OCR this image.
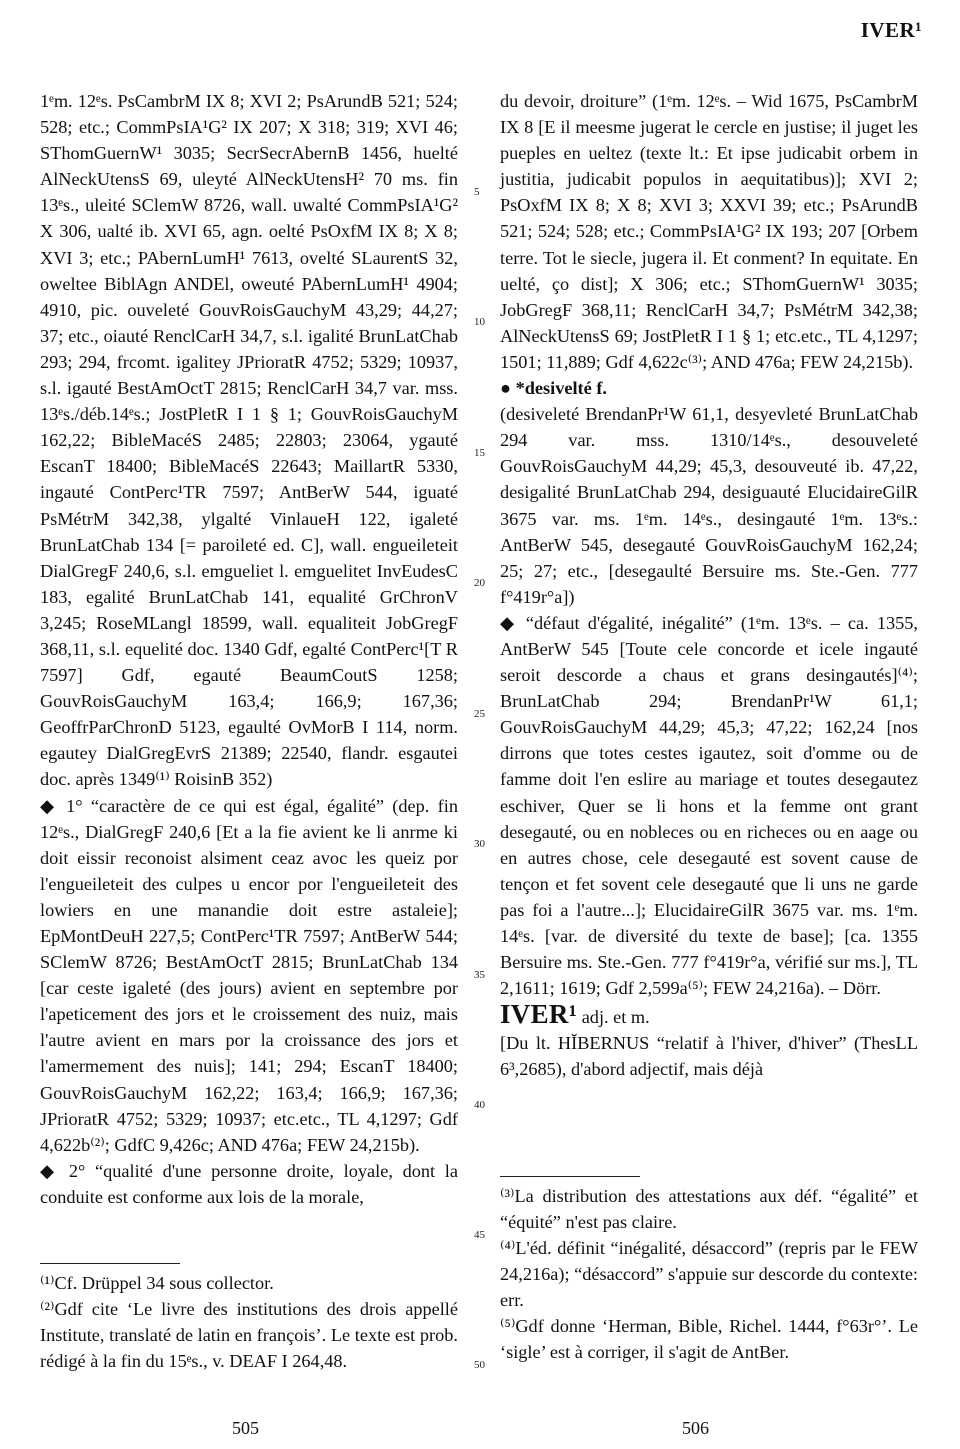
IVER¹

1ᵉm. 12ᵉs. PsCambrM IX 8; XVI 2; PsArundB 521; 524; 528; etc.; CommPsIA¹G² IX 207; X 318; 319; XVI 46; SThomGuernW¹ 3035; SecrSecrAbernB 1456, huelté AlNeckUtensS 69, uleyté AlNeckUtensH² 70 ms. fin 13ᵉs., uleité SClemW 8726, wall. uwalté CommPsIA¹G² X 306, ualté ib. XVI 65, agn. oelté PsOxfM IX 8; X 8; XVI 3; etc.; PAbernLumH¹ 7613, ovelté SLaurentS 32, oweltee BiblAgn ANDEl, oweuté PAbernLumH¹ 4904; 4910, pic. ouveleté GouvRoisGauchyM 43,29; 44,27; 37; etc., oiauté RenclCarH 34,7, s.l. igalité BrunLatChab 293; 294, frcomt. igalitey JPrioratR 4752; 5329; 10937, s.l. igauté BestAmOctT 2815; RenclCarH 34,7 var. mss. 13ᵉs./déb.14ᵉs.; JostPletR I 1 § 1; GouvRoisGauchyM 162,22; BibleMacéS 2485; 22803; 23064, ygauté EscanT 18400; BibleMacéS 22643; MaillartR 5330, ingauté ContPerc¹TR 7597; AntBerW 544, iguaté PsMétrM 342,38, ylgalté VinlaueH 122, igaleté BrunLatChab 134 [= paroileté ed. C], wall. engueileteit DialGregF 240,6, s.l. emgueliet l. emguelitet InvEudesC 183, egalité BrunLatChab 141, equalité GrChronV 3,245; RoseMLangl 18599, wall. equaliteit JobGregF 368,11, s.l. equelité doc. 1340 Gdf, egalté ContPerc¹[T R 7597] Gdf, egauté BeaumCoutS 1258; GouvRoisGauchyM 163,4; 166,9; 167,36; GeoffrParChronD 5123, egaulté OvMorB I 114, norm. egautey DialGregEvrS 21389; 22540, flandr. esgautei doc. après 1349⁽¹⁾ RoisinB 352)

◆ 1° “caractère de ce qui est égal, égalité” (dep. fin 12ᵉs., DialGregF 240,6 [Et a la fie avient ke li anrme ki doit eissir reconoist alsiment ceaz avoc les queiz por l'engueileteit des culpes u encor por l'engueileteit des lowiers en une manandie doit estre astaleie]; EpMontDeuH 227,5; ContPerc¹TR 7597; AntBerW 544; SClemW 8726; BestAmOctT 2815; BrunLatChab 134 [car ceste igaleté (des jours) avient en septembre por l'apeticement des jors et le croissement des nuiz, mais l'autre avient en mars por la croissance des jors et l'amermement des nuis]; 141; 294; EscanT 18400; GouvRoisGauchyM 162,22; 163,4; 166,9; 167,36; JPrioratR 4752; 5329; 10937; etc.etc., TL 4,1297; Gdf 4,622b⁽²⁾; GdfC 9,426c; AND 476a; FEW 24,215b).

◆ 2° “qualité d'une personne droite, loyale, dont la conduite est conforme aux lois de la morale,

5
10
15
20
25
30
35
40
45
50

du devoir, droiture” (1ᵉm. 12ᵉs. – Wid 1675, PsCambrM IX 8 [E il meesme jugerat le cercle en justise; il juget les pueples en ueltez (texte lt.: Et ipse judicabit orbem in justitia, judicabit populos in aequitatibus)]; XVI 2; PsOxfM IX 8; X 8; XVI 3; XXVI 39; etc.; PsArundB 521; 524; 528; etc.; CommPsIA¹G² IX 193; 207 [Orbem terre. Tot le siecle, jugera il. Et conment? In equitate. En uelté, ço dist]; X 306; etc.; SThomGuernW¹ 3035; JobGregF 368,11; RenclCarH 34,7; PsMétrM 342,38; AlNeckUtensS 69; JostPletR I 1 § 1; etc.etc., TL 4,1297; 1501; 11,889; Gdf 4,622c⁽³⁾; AND 476a; FEW 24,215b).

● *desivelté f.

(desiveleté BrendanPr¹W 61,1, desyevleté BrunLatChab 294 var. mss. 1310/14ᵉs., desouveleté GouvRoisGauchyM 44,29; 45,3, desouveuté ib. 47,22, desigalité BrunLatChab 294, desiguauté ElucidaireGilR 3675 var. ms. 1ᵉm. 14ᵉs., desingauté 1ᵉm. 13ᵉs.: AntBerW 545, desegauté GouvRoisGauchyM 162,24; 25; 27; etc., [desegaulté Bersuire ms. Ste.-Gen. 777 f°419r°a])

◆ “défaut d'égalité, inégalité” (1ᵉm. 13ᵉs. – ca. 1355, AntBerW 545 [Toute cele concorde et icele ingauté seroit descorde a chaus et grans desingautés]⁽⁴⁾; BrunLatChab 294; BrendanPr¹W 61,1; GouvRoisGauchyM 44,29; 45,3; 47,22; 162,24 [nos dirrons que totes cestes igautez, soit d'omme ou de famme doit l'en eslire au mariage et toutes desegautez eschiver, Quer se li hons et la femme ont grant desegauté, ou en nobleces ou en richeces ou en aage ou en autres chose, cele desegauté est sovent cause de tençon et fet sovent cele desegauté que li uns ne garde pas foi a l'autre...]; ElucidaireGilR 3675 var. ms. 1ᵉm. 14ᵉs. [var. de diversité du texte de base]; [ca. 1355 Bersuire ms. Ste.-Gen. 777 f°419r°a, vérifié sur ms.], TL 2,1611; 1619; Gdf 2,599a⁽⁵⁾; FEW 24,216a). – Dörr.

IVER¹ adj. et m.

[Du lt. HĬBERNUS “relatif à l'hiver, d'hiver” (ThesLL 6³,2685), d'abord adjectif, mais déjà

⁽¹⁾Cf. Drüppel 34 sous collector.

⁽²⁾Gdf cite ‘Le livre des institutions des drois appellé Institute, translaté de latin en françois’. Le texte est prob. rédigé à la fin du 15ᵉs., v. DEAF I 264,48.

⁽³⁾La distribution des attestations aux déf. “égalité” et “équité” n'est pas claire.

⁽⁴⁾L'éd. définit “inégalité, désaccord” (repris par le FEW 24,216a); “désaccord” s'appuie sur descorde du contexte: err.

⁽⁵⁾Gdf donne ‘Herman, Bible, Richel. 1444, f°63r°’. Le ‘sigle’ est à corriger, il s'agit de AntBer.

505	506
